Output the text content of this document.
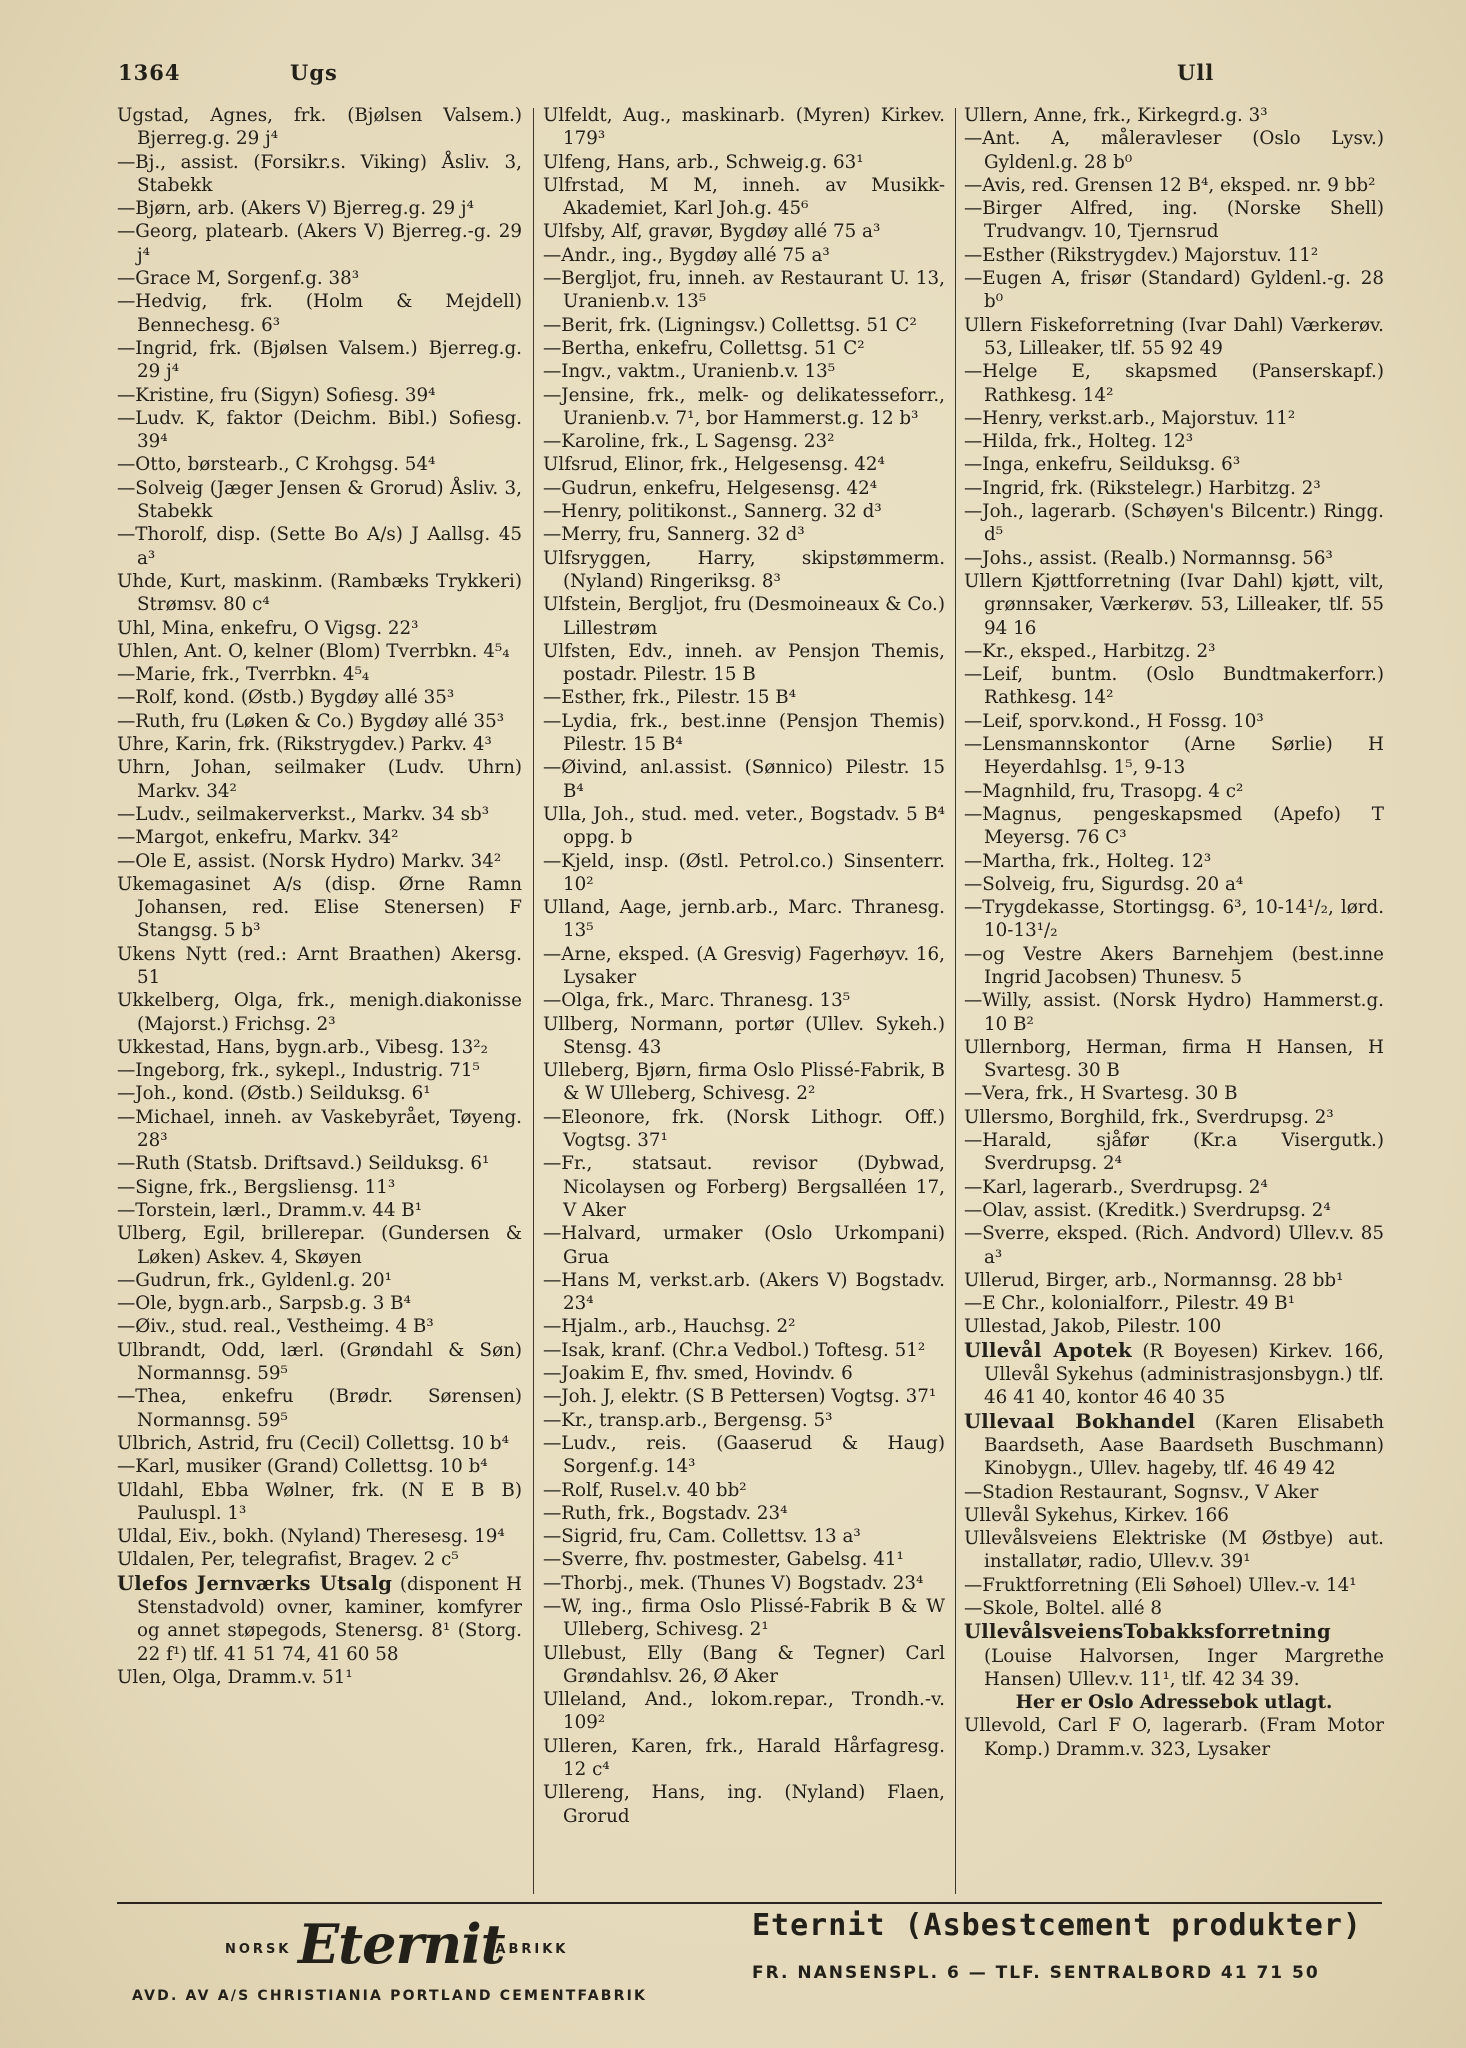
1364	Ugs	Ull
Ugstad, Agnes, frk. (Bjølsen Valsem.) Bjerreg.g. 29 j⁴
—Bj., assist. (Forsikr.s. Viking) Åsliv. 3, Stabekk
—Bjørn, arb. (Akers V) Bjerreg.g. 29 j⁴
—Georg, platearb. (Akers V) Bjerreg.-g. 29 j⁴
—Grace M, Sorgenf.g. 38³
—Hedvig, frk. (Holm & Mejdell) Bennechesg. 6³
—Ingrid, frk. (Bjølsen Valsem.) Bjerreg.g. 29 j⁴
—Kristine, fru (Sigyn) Sofiesg. 39⁴
—Ludv. K, faktor (Deichm. Bibl.) Sofiesg. 39⁴
—Otto, børstearb., C Krohgsg. 54⁴
—Solveig (Jæger Jensen & Grorud) Åsliv. 3, Stabekk
—Thorolf, disp. (Sette Bo A/s) J Aallsg. 45 a³
Uhde, Kurt, maskinm. (Rambæks Trykkeri) Strømsv. 80 c⁴
Uhl, Mina, enkefru, O Vigsg. 22³
Uhlen, Ant. O, kelner (Blom) Tverrbkn. 4⁵₄
—Marie, frk., Tverrbkn. 4⁵₄
—Rolf, kond. (Østb.) Bygdøy allé 35³
—Ruth, fru (Løken & Co.) Bygdøy allé 35³
Uhre, Karin, frk. (Rikstrygdev.) Parkv. 4³
Uhrn, Johan, seilmaker (Ludv. Uhrn) Markv. 34²
—Ludv., seilmakerverkst., Markv. 34 sb³
—Margot, enkefru, Markv. 34²
—Ole E, assist. (Norsk Hydro) Markv. 34²
Ukemagasinet A/s (disp. Ørne Ramn Johansen, red. Elise Stenersen) F Stangsg. 5 b³
Ukens Nytt (red.: Arnt Braathen) Akersg. 51
Ukkelberg, Olga, frk., menigh.diakonisse (Majorst.) Frichsg. 2³
Ukkestad, Hans, bygn.arb., Vibesg. 13²₂
—Ingeborg, frk., sykepl., Industrig. 71⁵
—Joh., kond. (Østb.) Seilduksg. 6¹
—Michael, inneh. av Vaskebyrået, Tøyeng. 28³
—Ruth (Statsb. Driftsavd.) Seilduksg. 6¹
—Signe, frk., Bergsliensg. 11³
—Torstein, lærl., Dramm.v. 44 B¹
Ulberg, Egil, brillerepar. (Gundersen & Løken) Askev. 4, Skøyen
—Gudrun, frk., Gyldenl.g. 20¹
—Ole, bygn.arb., Sarpsb.g. 3 B⁴
—Øiv., stud. real., Vestheimg. 4 B³
Ulbrandt, Odd, lærl. (Grøndahl & Søn) Normannsg. 59⁵
—Thea, enkefru (Brødr. Sørensen) Normannsg. 59⁵
Ulbrich, Astrid, fru (Cecil) Collettsg. 10 b⁴
—Karl, musiker (Grand) Collettsg. 10 b⁴
Uldahl, Ebba Wølner, frk. (N E B B) Pauluspl. 1³
Uldal, Eiv., bokh. (Nyland) Theresesg. 19⁴
Uldalen, Per, telegrafist, Bragev. 2 c⁵
Ulefos Jernværks Utsalg (disponent H Stenstadvold) ovner, kaminer, komfyrer og annet støpegods, Stenersg. 8¹ (Storg. 22 f¹) tlf. 41 51 74, 41 60 58
Ulen, Olga, Dramm.v. 51¹
Ulfeldt, Aug., maskinarb. (Myren) Kirkev. 179³
Ulfeng, Hans, arb., Schweig.g. 63¹
Ulfrstad, M M, inneh. av Musikk-Akademiet, Karl Joh.g. 45⁶
Ulfsby, Alf, gravør, Bygdøy allé 75 a³
—Andr., ing., Bygdøy allé 75 a³
—Bergljot, fru, inneh. av Restaurant U. 13, Uranienb.v. 13⁵
—Berit, frk. (Ligningsv.) Collettsg. 51 C²
—Bertha, enkefru, Collettsg. 51 C²
—Ingv., vaktm., Uranienb.v. 13⁵
—Jensine, frk., melk- og delikatesseforr., Uranienb.v. 7¹, bor Hammerst.g. 12 b³
—Karoline, frk., L Sagensg. 23²
Ulfsrud, Elinor, frk., Helgesensg. 42⁴
—Gudrun, enkefru, Helgesensg. 42⁴
—Henry, politikonst., Sannerg. 32 d³
—Merry, fru, Sannerg. 32 d³
Ulfsryggen, Harry, skipstømmerm. (Nyland) Ringeriksg. 8³
Ulfstein, Bergljot, fru (Desmoineaux & Co.) Lillestrøm
Ulfsten, Edv., inneh. av Pensjon Themis, postadr. Pilestr. 15 B
—Esther, frk., Pilestr. 15 B⁴
—Lydia, frk., best.inne (Pensjon Themis) Pilestr. 15 B⁴
—Øivind, anl.assist. (Sønnico) Pilestr. 15 B⁴
Ulla, Joh., stud. med. veter., Bogstadv. 5 B⁴ oppg. b
—Kjeld, insp. (Østl. Petrol.co.) Sinsenterr. 10²
Ulland, Aage, jernb.arb., Marc. Thranesg. 13⁵
—Arne, eksped. (A Gresvig) Fagerhøyv. 16, Lysaker
—Olga, frk., Marc. Thranesg. 13⁵
Ullberg, Normann, portør (Ullev. Sykeh.) Stensg. 43
Ulleberg, Bjørn, firma Oslo Plissé-Fabrik, B & W Ulleberg, Schivesg. 2²
—Eleonore, frk. (Norsk Lithogr. Off.) Vogtsg. 37¹
—Fr., statsaut. revisor (Dybwad, Nicolaysen og Forberg) Bergsalléen 17, V Aker
—Halvard, urmaker (Oslo Urkompani) Grua
—Hans M, verkst.arb. (Akers V) Bogstadv. 23⁴
—Hjalm., arb., Hauchsg. 2²
—Isak, kranf. (Chr.a Vedbol.) Toftesg. 51²
—Joakim E, fhv. smed, Hovindv. 6
—Joh. J, elektr. (S B Pettersen) Vogtsg. 37¹
—Kr., transp.arb., Bergensg. 5³
—Ludv., reis. (Gaaserud & Haug) Sorgenf.g. 14³
—Rolf, Rusel.v. 40 bb²
—Ruth, frk., Bogstadv. 23⁴
—Sigrid, fru, Cam. Collettsv. 13 a³
—Sverre, fhv. postmester, Gabelsg. 41¹
—Thorbj., mek. (Thunes V) Bogstadv. 23⁴
—W, ing., firma Oslo Plissé-Fabrik B & W Ulleberg, Schivesg. 2¹
Ullebust, Elly (Bang & Tegner) Carl Grøndahlsv. 26, Ø Aker
Ulleland, And., lokom.repar., Trondh.-v. 109²
Ulleren, Karen, frk., Harald Hårfagresg. 12 c⁴
Ullereng, Hans, ing. (Nyland) Flaen, Grorud
Ullern, Anne, frk., Kirkegrd.g. 3³
—Ant. A, måleravleser (Oslo Lysv.) Gyldenl.g. 28 b⁰
—Avis, red. Grensen 12 B⁴, eksped. nr. 9 bb²
—Birger Alfred, ing. (Norske Shell) Trudvangv. 10, Tjernsrud
—Esther (Rikstrygdev.) Majorstuv. 11²
—Eugen A, frisør (Standard) Gyldenl.-g. 28 b⁰
Ullern Fiskeforretning (Ivar Dahl) Værkerøv. 53, Lilleaker, tlf. 55 92 49
—Helge E, skapsmed (Panserskapf.) Rathkesg. 14²
—Henry, verkst.arb., Majorstuv. 11²
—Hilda, frk., Holteg. 12³
—Inga, enkefru, Seilduksg. 6³
—Ingrid, frk. (Rikstelegr.) Harbitzg. 2³
—Joh., lagerarb. (Schøyen's Bilcentr.) Ringg. d⁵
—Johs., assist. (Realb.) Normannsg. 56³
Ullern Kjøttforretning (Ivar Dahl) kjøtt, vilt, grønnsaker, Værkerøv. 53, Lilleaker, tlf. 55 94 16
—Kr., eksped., Harbitzg. 2³
—Leif, buntm. (Oslo Bundtmakerforr.) Rathkesg. 14²
—Leif, sporv.kond., H Fossg. 10³
—Lensmannskontor (Arne Sørlie) H Heyerdahlsg. 1⁵, 9-13
—Magnhild, fru, Trasopg. 4 c²
—Magnus, pengeskapsmed (Apefo) T Meyersg. 76 C³
—Martha, frk., Holteg. 12³
—Solveig, fru, Sigurdsg. 20 a⁴
—Trygdekasse, Stortingsg. 6³, 10-14¹/₂, lørd. 10-13¹/₂
—og Vestre Akers Barnehjem (best.inne Ingrid Jacobsen) Thunesv. 5
—Willy, assist. (Norsk Hydro) Hammerst.g. 10 B²
Ullernborg, Herman, firma H Hansen, H Svartesg. 30 B
—Vera, frk., H Svartesg. 30 B
Ullersmo, Borghild, frk., Sverdrupsg. 2³
—Harald, sjåfør (Kr.a Visergutk.) Sverdrupsg. 2⁴
—Karl, lagerarb., Sverdrupsg. 2⁴
—Olav, assist. (Kreditk.) Sverdrupsg. 2⁴
—Sverre, eksped. (Rich. Andvord) Ullev.v. 85 a³
Ullerud, Birger, arb., Normannsg. 28 bb¹
—E Chr., kolonialforr., Pilestr. 49 B¹
Ullestad, Jakob, Pilestr. 100
Ullevål Apotek (R Boyesen) Kirkev. 166, Ullevål Sykehus (administrasjonsbygn.) tlf. 46 41 40, kontor 46 40 35
Ullevaal Bokhandel (Karen Elisabeth Baardseth, Aase Baardseth Buschmann) Kinobygn., Ullev. hageby, tlf. 46 49 42
—Stadion Restaurant, Sognsv., V Aker
Ullevål Sykehus, Kirkev. 166
Ullevålsveiens Elektriske (M Østbye) aut. installatør, radio, Ullev.v. 39¹
—Fruktforretning (Eli Søhoel) Ullev.-v. 14¹
—Skole, Boltel. allé 8
UllevålsveiensTobakksforretning (Louise Halvorsen, Inger Margrethe Hansen) Ullev.v. 11¹, tlf. 42 34 39.
Her er Oslo Adressebok utlagt.
Ullevold, Carl F O, lagerarb. (Fram Motor Komp.) Dramm.v. 323, Lysaker
NORSK Eternit
FABRIKK
AVD. AV A/S CHRISTIANIA PORTLAND CEMENTFABRIK
Eternit (Asbestcement produkter)
FR. NANSENSPL. 6 — TLF. SENTRALBORD 41 71 50
